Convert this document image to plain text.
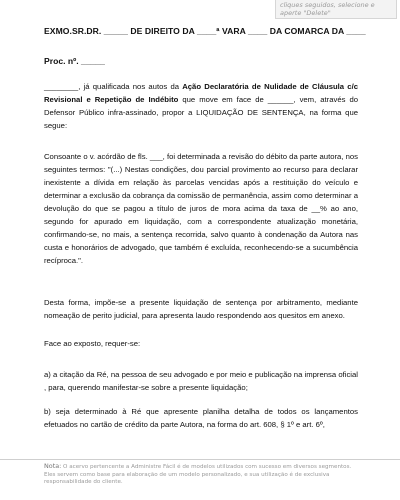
cliques seguidos, selecione e aperte "Delete"
EXMO.SR.DR. _____ DE DIREITO DA ____ª VARA ____ DA COMARCA DA ____
Proc. nº. _____
________, já qualificada nos autos da Ação Declaratória de Nulidade de Cláusula c/c Revisional e Repetição de Indébito que move em face de ______, vem, através do Defensor Público infra-assinado, propor a LIQUIDAÇÃO DE SENTENÇA, na forma que segue:
Consoante o v. acórdão de fls. ___, foi determinada a revisão do débito da parte autora, nos seguintes termos: "(...) Nestas condições, dou parcial provimento ao recurso para declarar inexistente a dívida em relação às parcelas vencidas após a restituição do veículo e determinar a exclusão da cobrança da comissão de permanência, assim como determinar a devolução do que se pagou a título de juros de mora acima da taxa de __% ao ano, segundo for apurado em liquidação, com a correspondente atualização monetária, confirmando-se, no mais, a sentença recorrida, salvo quanto à condenação da Autora nas custa e honorários de advogado, que também é excluída, reconhecendo-se a sucumbência recíproca.".
Desta forma, impõe-se a presente liquidação de sentença por arbitramento, mediante nomeação de perito judicial, para apresenta laudo respondendo aos quesitos em anexo.
Face ao exposto, requer-se:
a) a citação da Ré, na pessoa de seu advogado e por meio e publicação na imprensa oficial , para, querendo manifestar-se sobre a presente liquidação;
b) seja determinado à Ré que apresente planilha detalha de todos os lançamentos efetuados no cartão de crédito da parte Autora, na forma do art. 608, § 1º e art. 6º,
Nota: O acervo pertencente a Administre Fácil é de modelos utilizados com sucesso em diversos segmentos. Eles servem como base para elaboração de um modelo personalizado, e sua utilização é de exclusiva responsabilidade do cliente.
